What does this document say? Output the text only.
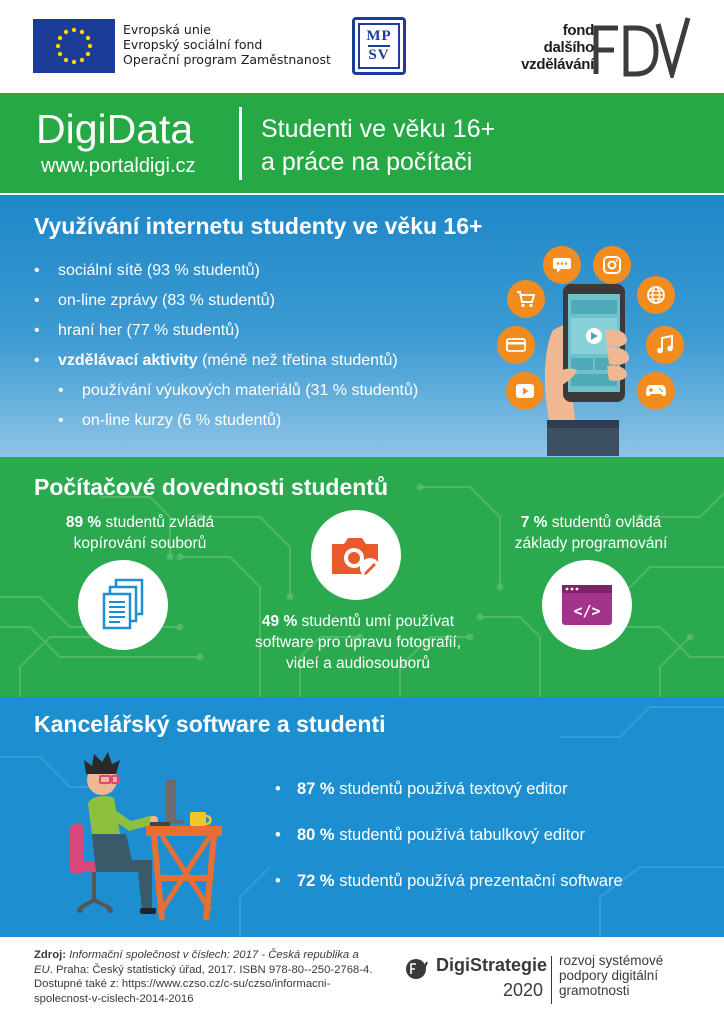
Evropská unie
Evropský sociální fond
Operační program Zaměstnanost
MP
SV
fond
dalšího
vzdělávání
DigiData
www.portaldigi.cz
Studenti ve věku 16+
a práce na počítači
Využívání internetu studenty ve věku 16+
• sociální sítě (93 % studentů)
• on-line zprávy (83 % studentů)
• hraní her (77 % studentů)
• vzdělávací aktivity (méně než třetina studentů)
• používání výukových materiálů (31 % studentů)
• on-line kurzy (6 % studentů)
Počítačové dovednosti studentů
89 % studentů zvládá
kopírování souborů
49 % studentů umí používat
software pro úpravu fotografií,
videí a audiosouborů
7 % studentů ovládá
základy programování
</>
Kancelářský software a studenti
• 87 % studentů používá textový editor
• 80 % studentů používá tabulkový editor
• 72 % studentů používá prezentační software
Zdroj: Informační společnost v číslech: 2017 - Česká republika a EU. Praha: Český statistický úřad, 2017. ISBN 978-80--250-2768-4. Dostupné také z: https://www.czso.cz/c-su/czso/informacni-spolecnost-v-cislech-2014-2016
DigiStrategie
2020
rozvoj systémové
podpory digitální
gramotnosti
